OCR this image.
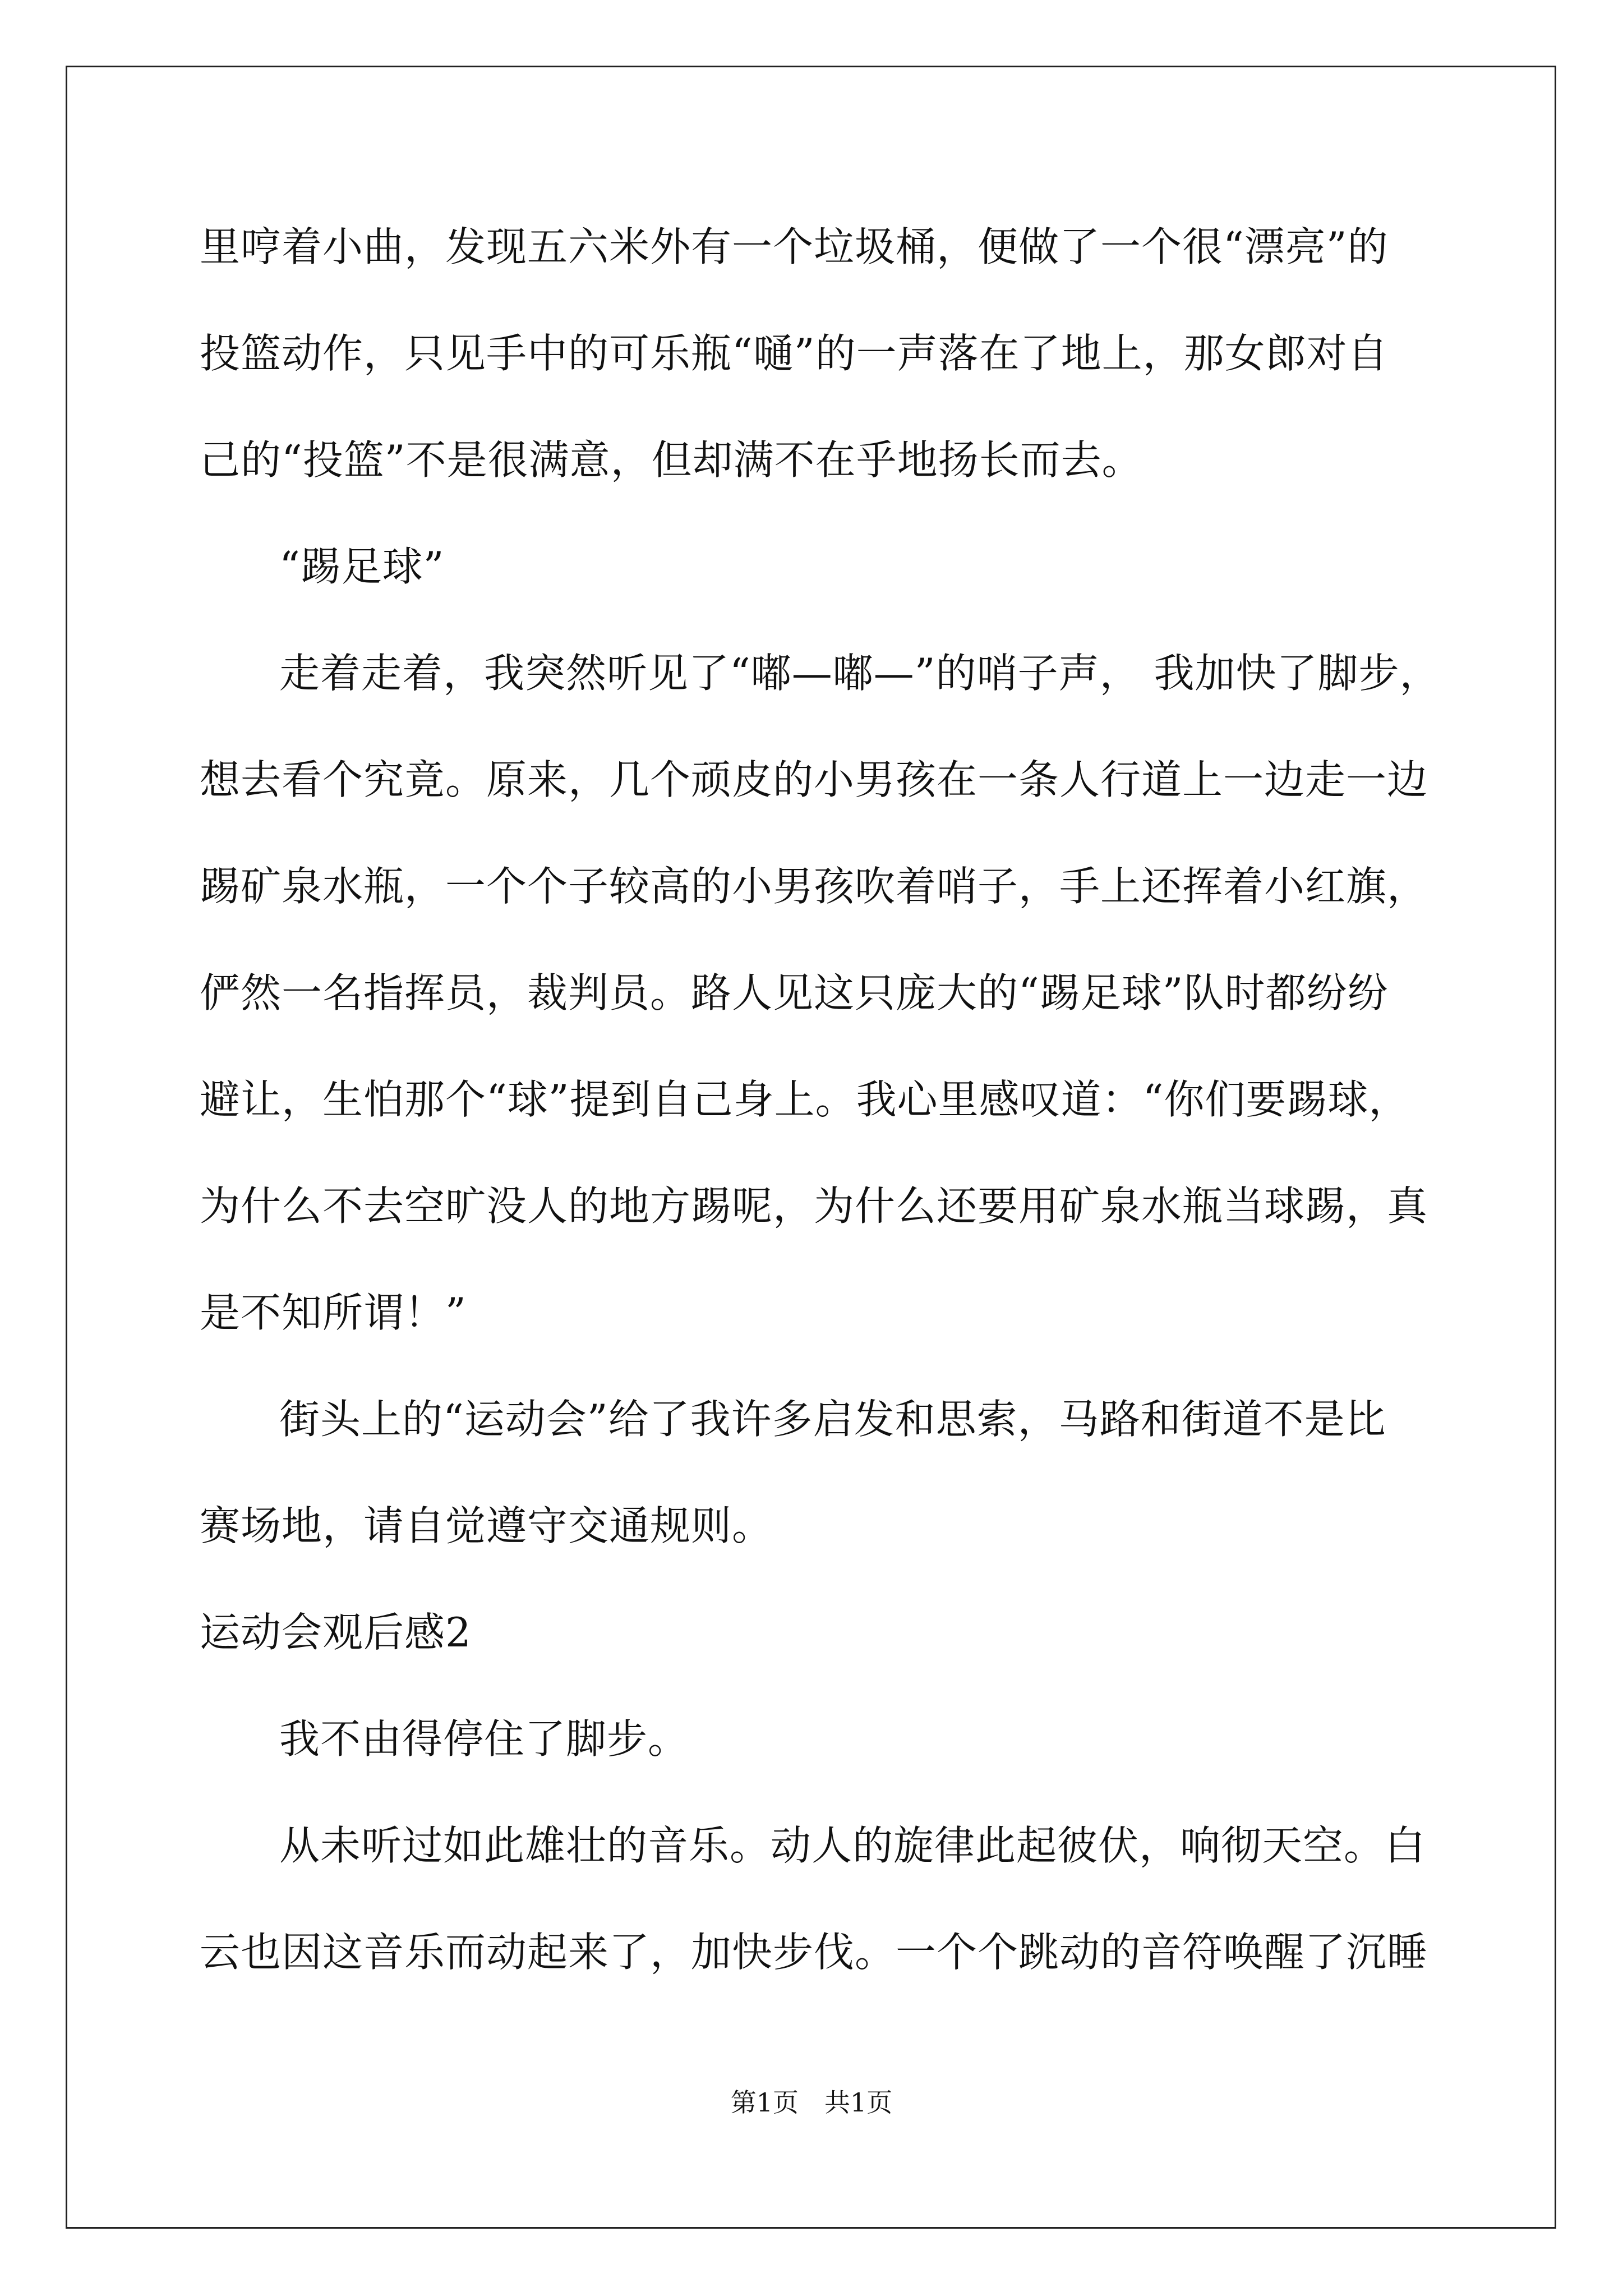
里哼着小曲，发现五六米外有一个垃圾桶，便做了一个很“漂亮”的
投篮动作，只见手中的可乐瓶“嗵”的一声落在了地上，那女郎对自
己的“投篮”不是很满意，但却满不在乎地扬长而去。
“踢足球”
走着走着，我突然听见了“嘟—嘟—”的哨子声， 我加快了脚步，
想去看个究竟。原来，几个顽皮的小男孩在一条人行道上一边走一边
踢矿泉水瓶，一个个子较高的小男孩吹着哨子，手上还挥着小红旗，
俨然一名指挥员，裁判员。路人见这只庞大的“踢足球”队时都纷纷
避让，生怕那个“球”提到自己身上。我心里感叹道：“你们要踢球，
为什么不去空旷没人的地方踢呢，为什么还要用矿泉水瓶当球踢，真
是不知所谓！”
街头上的“运动会”给了我许多启发和思索，马路和街道不是比
赛场地，请自觉遵守交通规则。
运动会观后感2
我不由得停住了脚步。
从未听过如此雄壮的音乐。动人的旋律此起彼伏，响彻天空。白
云也因这音乐而动起来了，加快步伐。一个个跳动的音符唤醒了沉睡
第1页　共1页
